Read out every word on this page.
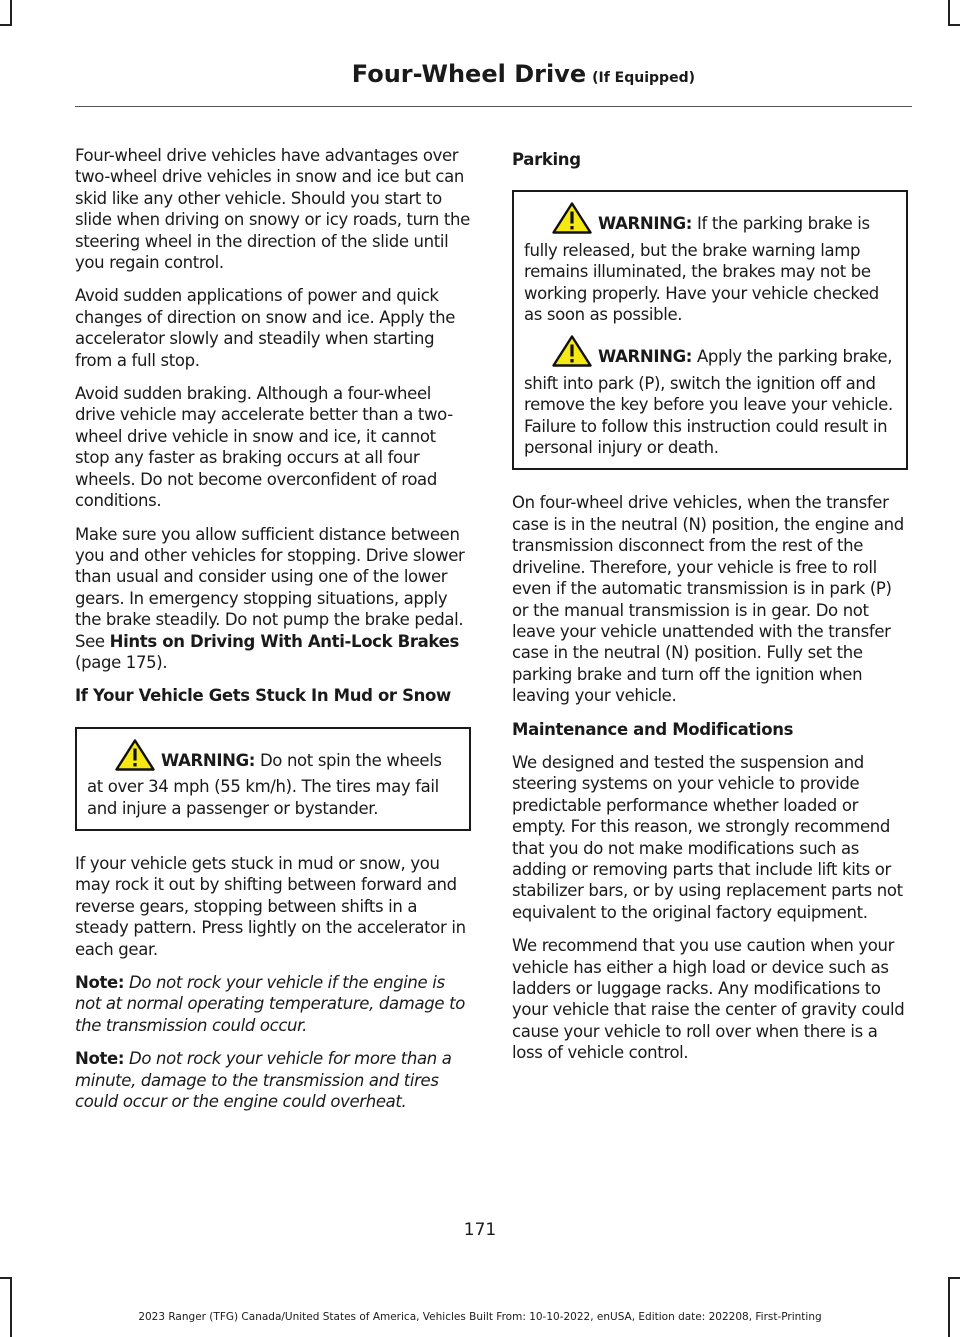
Four-Wheel Drive (If Equipped)

Four-wheel drive vehicles have advantages over two-wheel drive vehicles in snow and ice but can skid like any other vehicle. Should you start to slide when driving on snowy or icy roads, turn the steering wheel in the direction of the slide until you regain control.

Avoid sudden applications of power and quick changes of direction on snow and ice. Apply the accelerator slowly and steadily when starting from a full stop.

Avoid sudden braking. Although a four-wheel drive vehicle may accelerate better than a two-wheel drive vehicle in snow and ice, it cannot stop any faster as braking occurs at all four wheels. Do not become overconfident of road conditions.

Make sure you allow sufficient distance between you and other vehicles for stopping. Drive slower than usual and consider using one of the lower gears. In emergency stopping situations, apply the brake steadily. Do not pump the brake pedal. See Hints on Driving With Anti-Lock Brakes (page 175).

If Your Vehicle Gets Stuck In Mud or Snow

WARNING: Do not spin the wheels at over 34 mph (55 km/h). The tires may fail and injure a passenger or bystander.

If your vehicle gets stuck in mud or snow, you may rock it out by shifting between forward and reverse gears, stopping between shifts in a steady pattern. Press lightly on the accelerator in each gear.

Note: Do not rock your vehicle if the engine is not at normal operating temperature, damage to the transmission could occur.

Note: Do not rock your vehicle for more than a minute, damage to the transmission and tires could occur or the engine could overheat.

Parking

WARNING: If the parking brake is fully released, but the brake warning lamp remains illuminated, the brakes may not be working properly. Have your vehicle checked as soon as possible.

WARNING: Apply the parking brake, shift into park (P), switch the ignition off and remove the key before you leave your vehicle. Failure to follow this instruction could result in personal injury or death.

On four-wheel drive vehicles, when the transfer case is in the neutral (N) position, the engine and transmission disconnect from the rest of the driveline. Therefore, your vehicle is free to roll even if the automatic transmission is in park (P) or the manual transmission is in gear. Do not leave your vehicle unattended with the transfer case in the neutral (N) position. Fully set the parking brake and turn off the ignition when leaving your vehicle.

Maintenance and Modifications

We designed and tested the suspension and steering systems on your vehicle to provide predictable performance whether loaded or empty. For this reason, we strongly recommend that you do not make modifications such as adding or removing parts that include lift kits or stabilizer bars, or by using replacement parts not equivalent to the original factory equipment.

We recommend that you use caution when your vehicle has either a high load or device such as ladders or luggage racks. Any modifications to your vehicle that raise the center of gravity could cause your vehicle to roll over when there is a loss of vehicle control.

171
2023 Ranger (TFG) Canada/United States of America, Vehicles Built From: 10-10-2022, enUSA, Edition date: 202208, First-Printing
